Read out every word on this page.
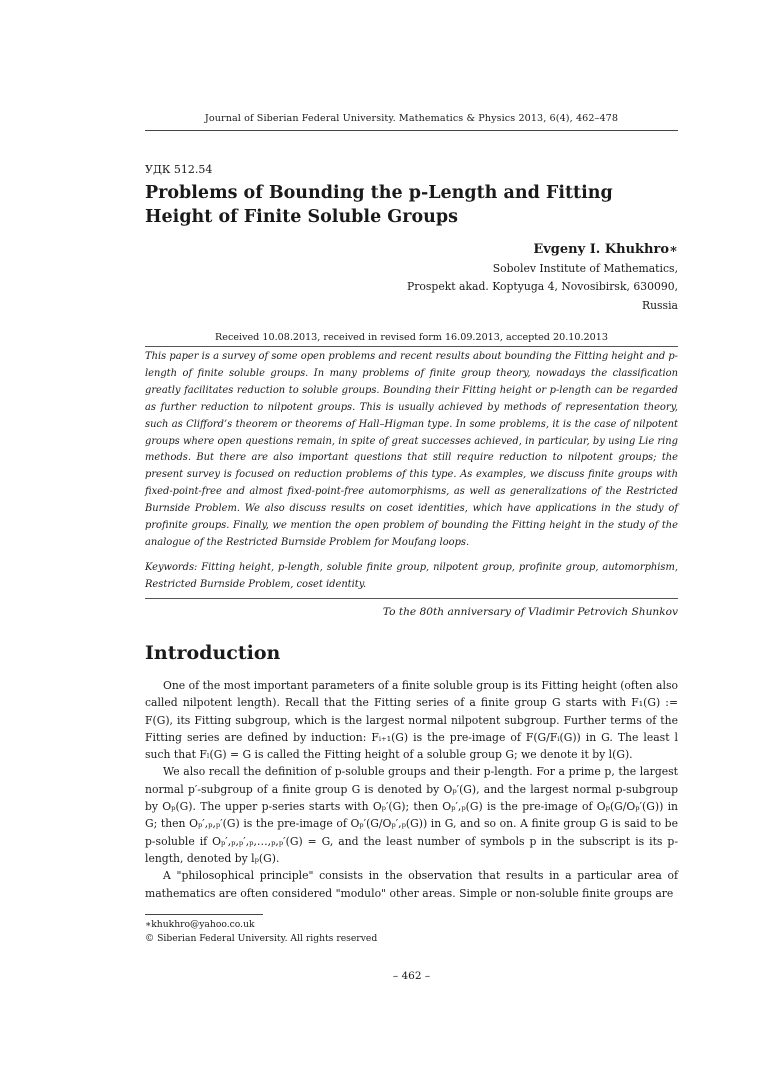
Journal of Siberian Federal University. Mathematics & Physics 2013, 6(4), 462–478
УДК 512.54
Problems of Bounding the p-Length and Fitting Height of Finite Soluble Groups
Evgeny I. Khukhro∗
Sobolev Institute of Mathematics,
Prospekt akad. Koptyuga 4, Novosibirsk, 630090,
Russia
Received 10.08.2013, received in revised form 16.09.2013, accepted 20.10.2013

This paper is a survey of some open problems and recent results about bounding the Fitting height and p-length of finite soluble groups. In many problems of finite group theory, nowadays the classification greatly facilitates reduction to soluble groups. Bounding their Fitting height or p-length can be regarded as further reduction to nilpotent groups. This is usually achieved by methods of representation theory, such as Clifford’s theorem or theorems of Hall–Higman type. In some problems, it is the case of nilpotent groups where open questions remain, in spite of great successes achieved, in particular, by using Lie ring methods. But there are also important questions that still require reduction to nilpotent groups; the present survey is focused on reduction problems of this type. As examples, we discuss finite groups with fixed-point-free and almost fixed-point-free automorphisms, as well as generalizations of the Restricted Burnside Problem. We also discuss results on coset identities, which have applications in the study of profinite groups. Finally, we mention the open problem of bounding the Fitting height in the study of the analogue of the Restricted Burnside Problem for Moufang loops.

Keywords: Fitting height, p-length, soluble finite group, nilpotent group, profinite group, automorphism, Restricted Burnside Problem, coset identity.

To the 80th anniversary of Vladimir Petrovich Shunkov
Introduction

One of the most important parameters of a finite soluble group is its Fitting height (often also called nilpotent length). Recall that the Fitting series of a finite group G starts with F₁(G) := F(G), its Fitting subgroup, which is the largest normal nilpotent subgroup. Further terms of the Fitting series are defined by induction: Fᵢ₊₁(G) is the pre-image of F(G/Fᵢ(G)) in G. The least l such that Fₗ(G) = G is called the Fitting height of a soluble group G; we denote it by l(G).

We also recall the definition of p-soluble groups and their p-length. For a prime p, the largest normal p′-subgroup of a finite group G is denoted by Oₚ′(G), and the largest normal p-subgroup by Oₚ(G). The upper p-series starts with Oₚ′(G); then Oₚ′,ₚ(G) is the pre-image of Oₚ(G/Oₚ′(G)) in G; then Oₚ′,ₚ,ₚ′(G) is the pre-image of Oₚ′(G/Oₚ′,ₚ(G)) in G, and so on. A finite group G is said to be p-soluble if Oₚ′,ₚ,ₚ′,ₚ,…,ₚ,ₚ′(G) = G, and the least number of symbols p in the subscript is its p-length, denoted by lₚ(G).

A "philosophical principle" consists in the observation that results in a particular area of mathematics are often considered "modulo" other areas. Simple or non-soluble finite groups are

∗khukhro@yahoo.co.uk
© Siberian Federal University. All rights reserved
– 462 –
